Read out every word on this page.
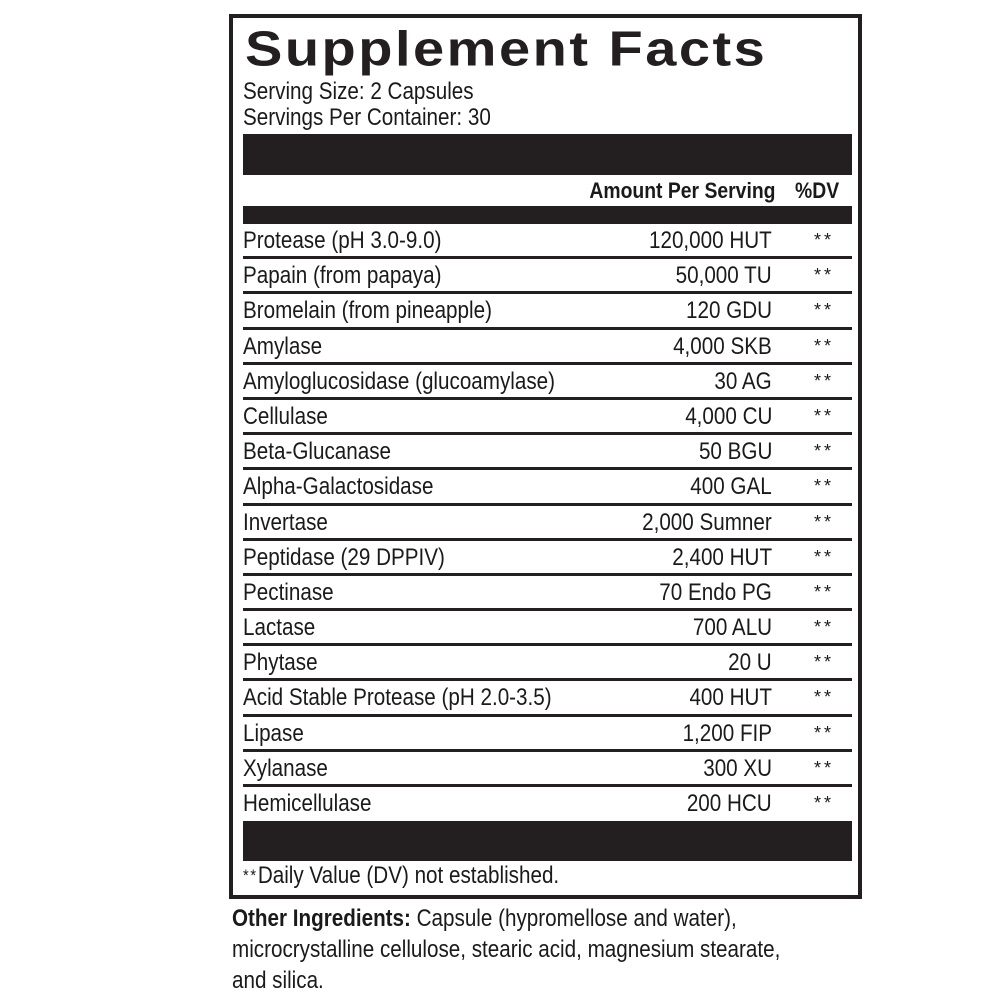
Supplement Facts
Serving Size: 2 Capsules
Servings Per Container: 30
Amount Per Serving %DV
Protease (pH 3.0-9.0)	120,000 HUT **
Papain (from papaya)	50,000 TU **
Bromelain (from pineapple)	120 GDU **
Amylase	4,000 SKB **
Amyloglucosidase (glucoamylase)	30 AG **
Cellulase	4,000 CU **
Beta-Glucanase	50 BGU **
Alpha-Galactosidase	400 GAL **
Invertase	2,000 Sumner **
Peptidase (29 DPPIV)	2,400 HUT **
Pectinase	70 Endo PG **
Lactase	700 ALU **
Phytase	20 U **
Acid Stable Protease (pH 2.0-3.5)	400 HUT **
Lipase	1,200 FIP **
Xylanase	300 XU **
Hemicellulase	200 HCU **
**Daily Value (DV) not established.
Other Ingredients: Capsule (hypromellose and water), microcrystalline cellulose, stearic acid, magnesium stearate, and silica.
